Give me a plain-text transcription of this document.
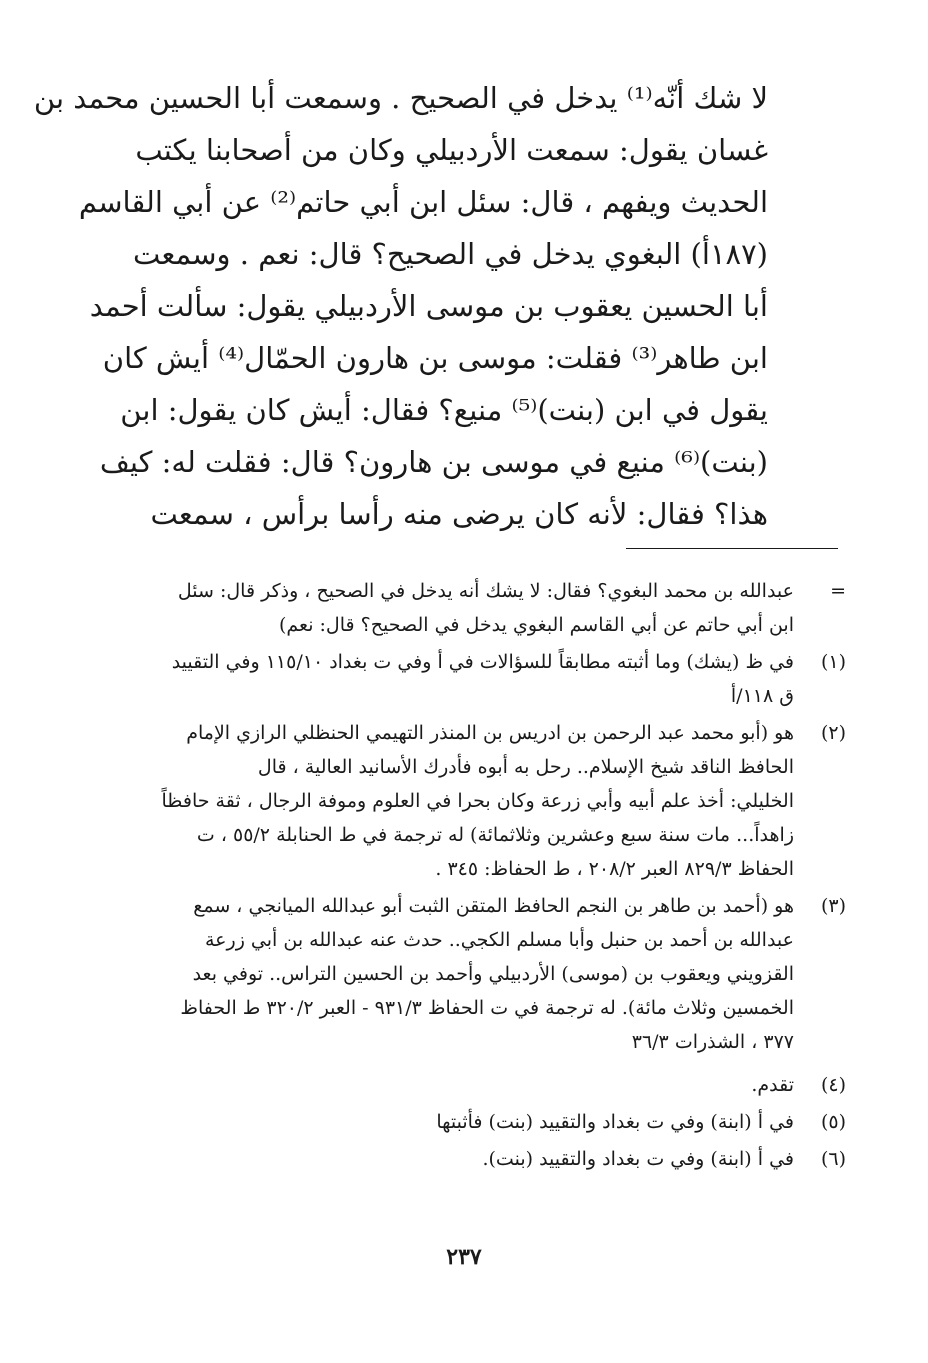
لا شك أنّه⁽¹⁾ يدخل في الصحيح . وسمعت أبا الحسين محمد بن
غسان يقول: سمعت الأردبيلي وكان من أصحابنا يكتب
الحديث ويفهم ، قال: سئل ابن أبي حاتم⁽²⁾ عن أبي القاسم
(١٨٧أ) البغوي يدخل في الصحيح؟ قال: نعم . وسمعت
أبا الحسين يعقوب بن موسى الأردبيلي يقول: سألت أحمد
ابن طاهر⁽³⁾ فقلت: موسى بن هارون الحمّال⁽⁴⁾ أيش كان
يقول في ابن (بنت)⁽⁵⁾ منيع؟ فقال: أيش كان يقول: ابن
(بنت)⁽⁶⁾ منيع في موسى بن هارون؟ قال: فقلت له: كيف
هذا؟ فقال: لأنه كان يرضى منه رأسا برأس ، سمعت
=
عبدالله بن محمد البغوي؟ فقال: لا يشك أنه يدخل في الصحيح ، وذكر قال: سئل
ابن أبي حاتم عن أبي القاسم البغوي يدخل في الصحيح؟ قال: نعم)
(١)
في ظ (يشك) وما أثبته مطابقاً للسؤالات في أ وفي ت بغداد ١١٥/١٠ وفي التقييد
ق ١١٨/أ
(٢)
هو (أبو محمد عبد الرحمن بن ادريس بن المنذر التهيمي الحنظلي الرازي الإمام
الحافظ الناقد شيخ الإسلام.. رحل به أبوه فأدرك الأسانيد العالية ، قال
الخليلي: أخذ علم أبيه وأبي زرعة وكان بحرا في العلوم وموفة الرجال ، ثقة حافظاً
زاهداً... مات سنة سبع وعشرين وثلاثمائة) له ترجمة في ط الحنابلة ٥٥/٢ ، ت
الحفاظ ٨٢٩/٣ العبر ٢٠٨/٢ ، ط الحفاظ: ٣٤٥ .
(٣)
هو (أحمد بن طاهر بن النجم الحافظ المتقن الثبت أبو عبدالله الميانجي ، سمع
عبدالله بن أحمد بن حنبل وأبا مسلم الكجي.. حدث عنه عبدالله بن أبي زرعة
القزويني ويعقوب بن (موسى) الأردبيلي وأحمد بن الحسين التراس.. توفي بعد
الخمسين وثلاث مائة). له ترجمة في ت الحفاظ ٩٣١/٣ - العبر ٣٢٠/٢ ط الحفاظ
٣٧٧ ، الشذرات ٣٦/٣
(٤)
تقدم.
(٥)
في أ (ابنة) وفي ت بغداد والتقييد (بنت) فأثبتها
(٦)
في أ (ابنة) وفي ت بغداد والتقييد (بنت).
٢٣٧
